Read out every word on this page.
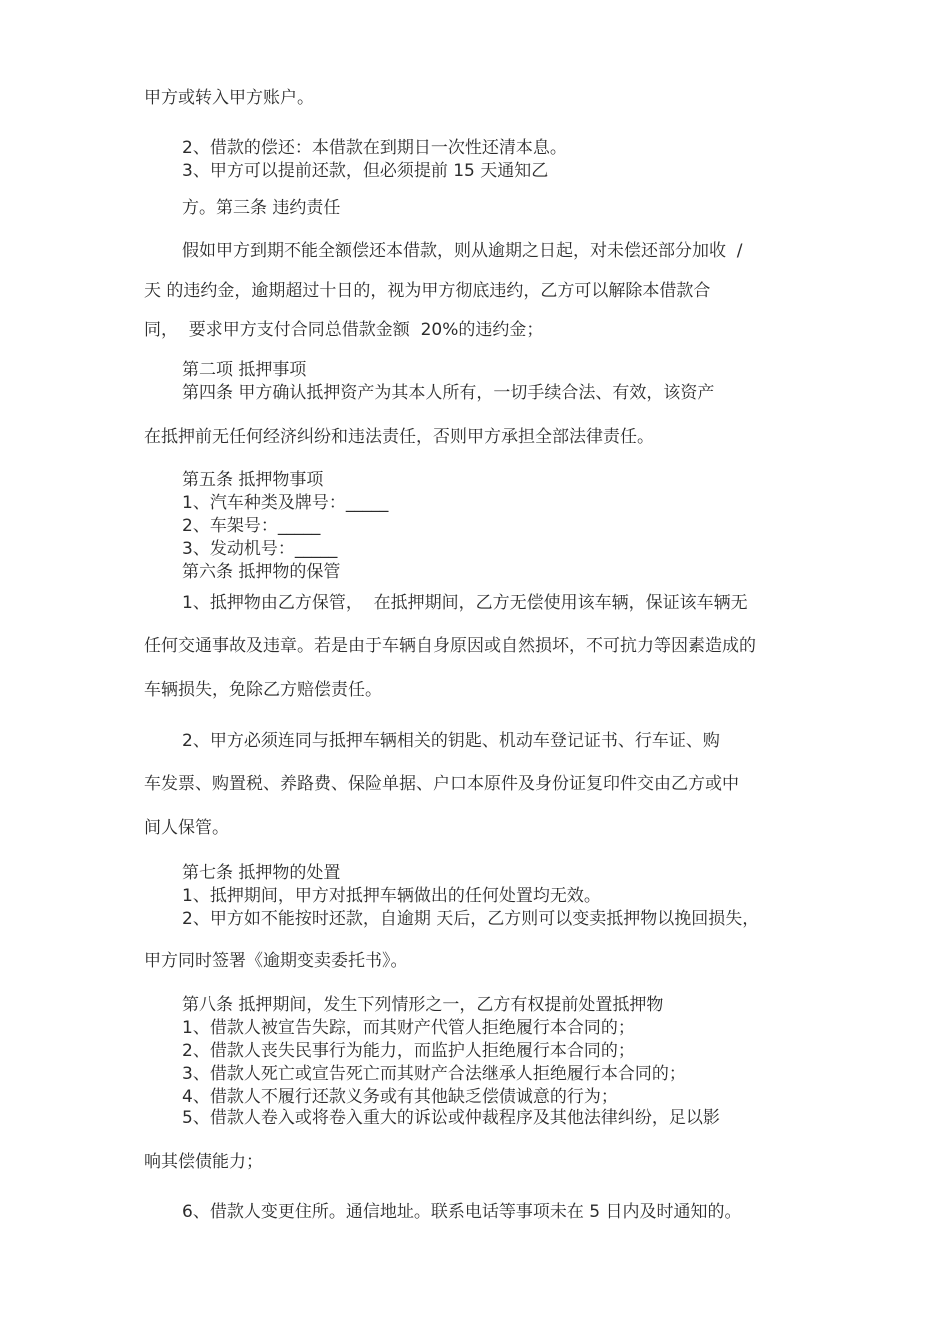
甲方或转入甲方账户。
2、借款的偿还：本借款在到期日一次性还清本息。
3、甲方可以提前还款，但必须提前 15 天通知乙
方。第三条 违约责任
假如甲方到期不能全额偿还本借款，则从逾期之日起，对未偿还部分加收  /
天 的违约金，逾期超过十日的，视为甲方彻底违约，乙方可以解除本借款合
同，  要求甲方支付合同总借款金额  20%的违约金；
第二项 抵押事项
第四条 甲方确认抵押资产为其本人所有，一切手续合法、有效，该资产
在抵押前无任何经济纠纷和违法责任，否则甲方承担全部法律责任。
第五条 抵押物事项
1、汽车种类及牌号：_____
2、车架号：_____
3、发动机号：_____
第六条 抵押物的保管
1、抵押物由乙方保管，  在抵押期间，乙方无偿使用该车辆，保证该车辆无
任何交通事故及违章。若是由于车辆自身原因或自然损坏，不可抗力等因素造成的
车辆损失，免除乙方赔偿责任。
2、甲方必须连同与抵押车辆相关的钥匙、机动车登记证书、行车证、购
车发票、购置税、养路费、保险单据、户口本原件及身份证复印件交由乙方或中
间人保管。
第七条 抵押物的处置
1、抵押期间，甲方对抵押车辆做出的任何处置均无效。
2、甲方如不能按时还款，自逾期 天后，乙方则可以变卖抵押物以挽回损失，
甲方同时签署《逾期变卖委托书》。
第八条 抵押期间，发生下列情形之一，乙方有权提前处置抵押物
1、借款人被宣告失踪，而其财产代管人拒绝履行本合同的；
2、借款人丧失民事行为能力，而监护人拒绝履行本合同的；
3、借款人死亡或宣告死亡而其财产合法继承人拒绝履行本合同的；
4、借款人不履行还款义务或有其他缺乏偿债诚意的行为；
5、借款人卷入或将卷入重大的诉讼或仲裁程序及其他法律纠纷，足以影
响其偿债能力；
6、借款人变更住所。通信地址。联系电话等事项未在 5 日内及时通知的。
